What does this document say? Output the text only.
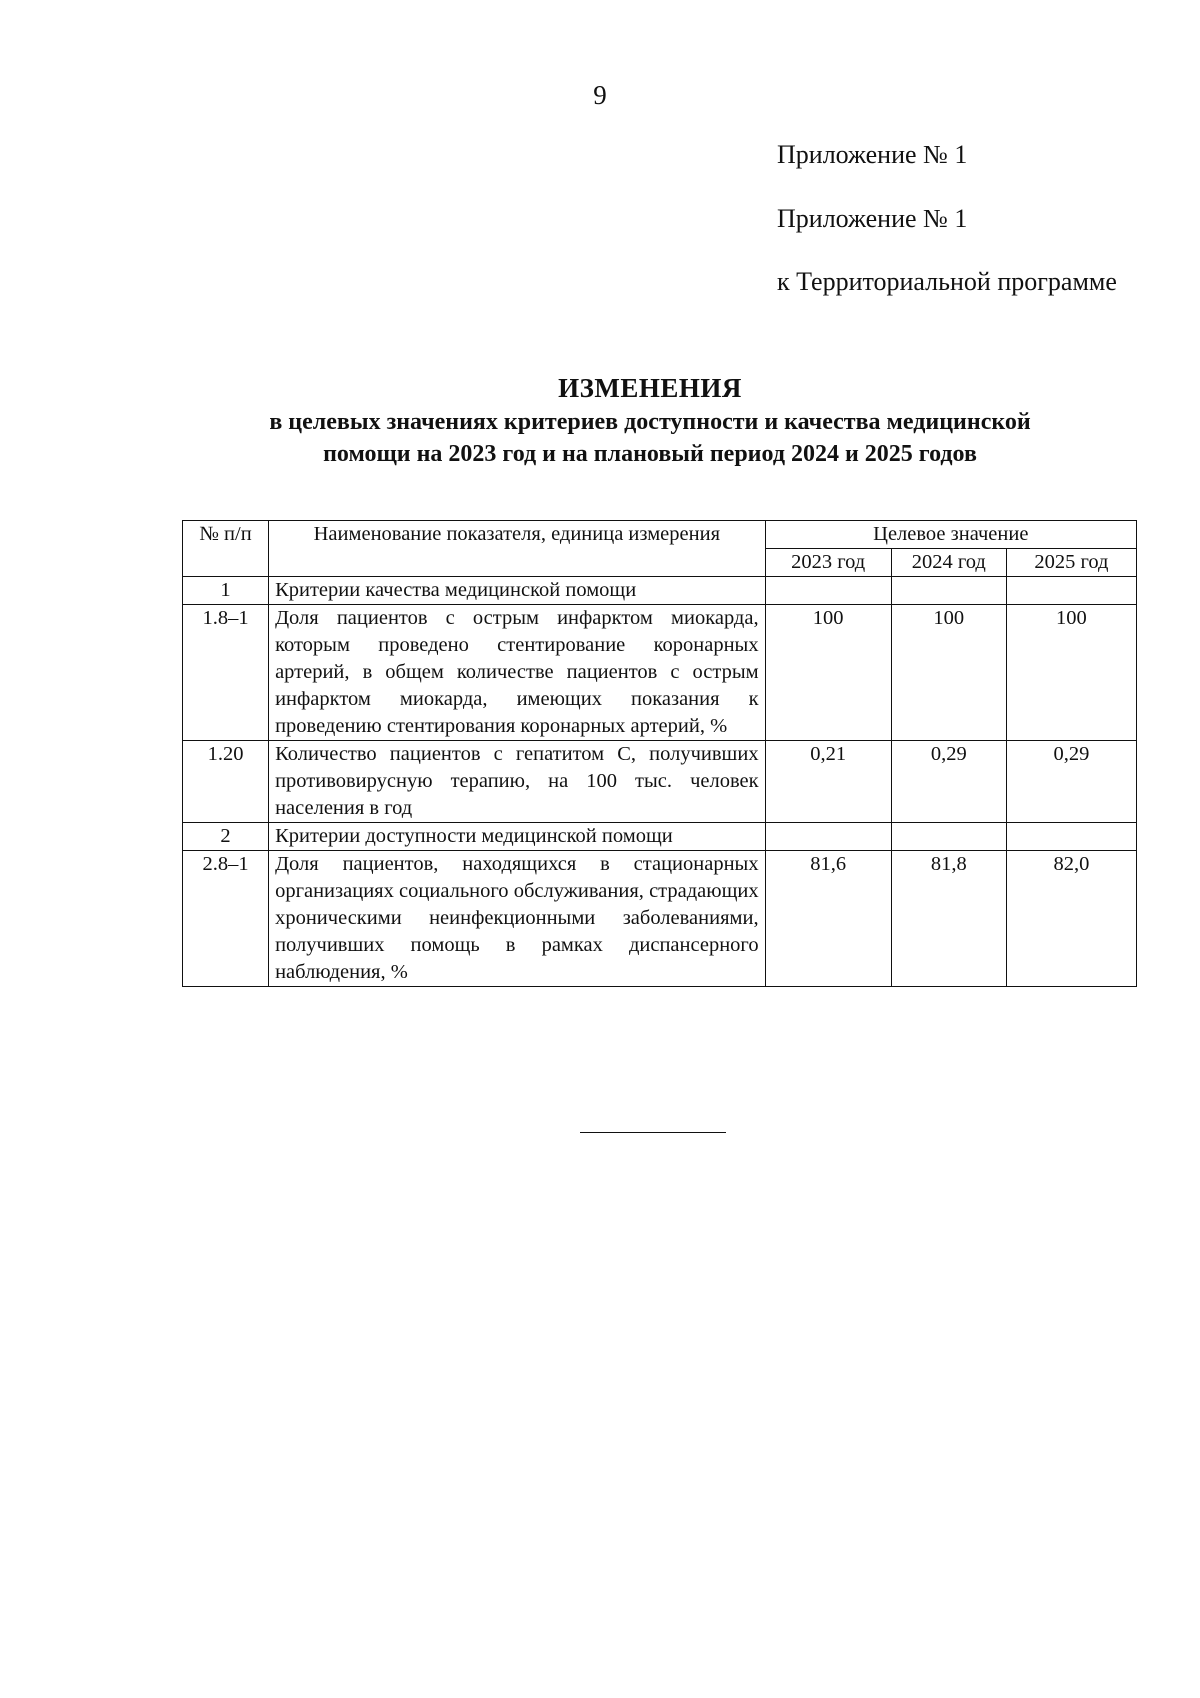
9
Приложение № 1
Приложение № 1
к Территориальной программе
ИЗМЕНЕНИЯ
в целевых значениях критериев доступности и качества медицинской
помощи на 2023 год и на плановый период 2024 и 2025 годов
№ п/п	Наименование показателя, единица измерения	Целевое значение		
		2023 год	2024 год	2025 год
1	Критерии качества медицинской помощи			
1.8–1	Доля пациентов с острым инфарктом миокарда, которым проведено стентирование коронарных артерий, в общем количестве пациентов с острым инфарктом миокарда, имеющих показания к проведению стентирования коронарных артерий, %	100	100	100
1.20	Количество пациентов с гепатитом С, получивших противовирусную терапию, на 100 тыс. человек населения в год	0,21	0,29	0,29
2	Критерии доступности медицинской помощи			
2.8–1	Доля пациентов, находящихся в стационарных организациях социального обслуживания, страдающих хроническими неинфекционными заболеваниями, получивших помощь в рамках диспансерного наблюдения, %	81,6	81,8	82,0
